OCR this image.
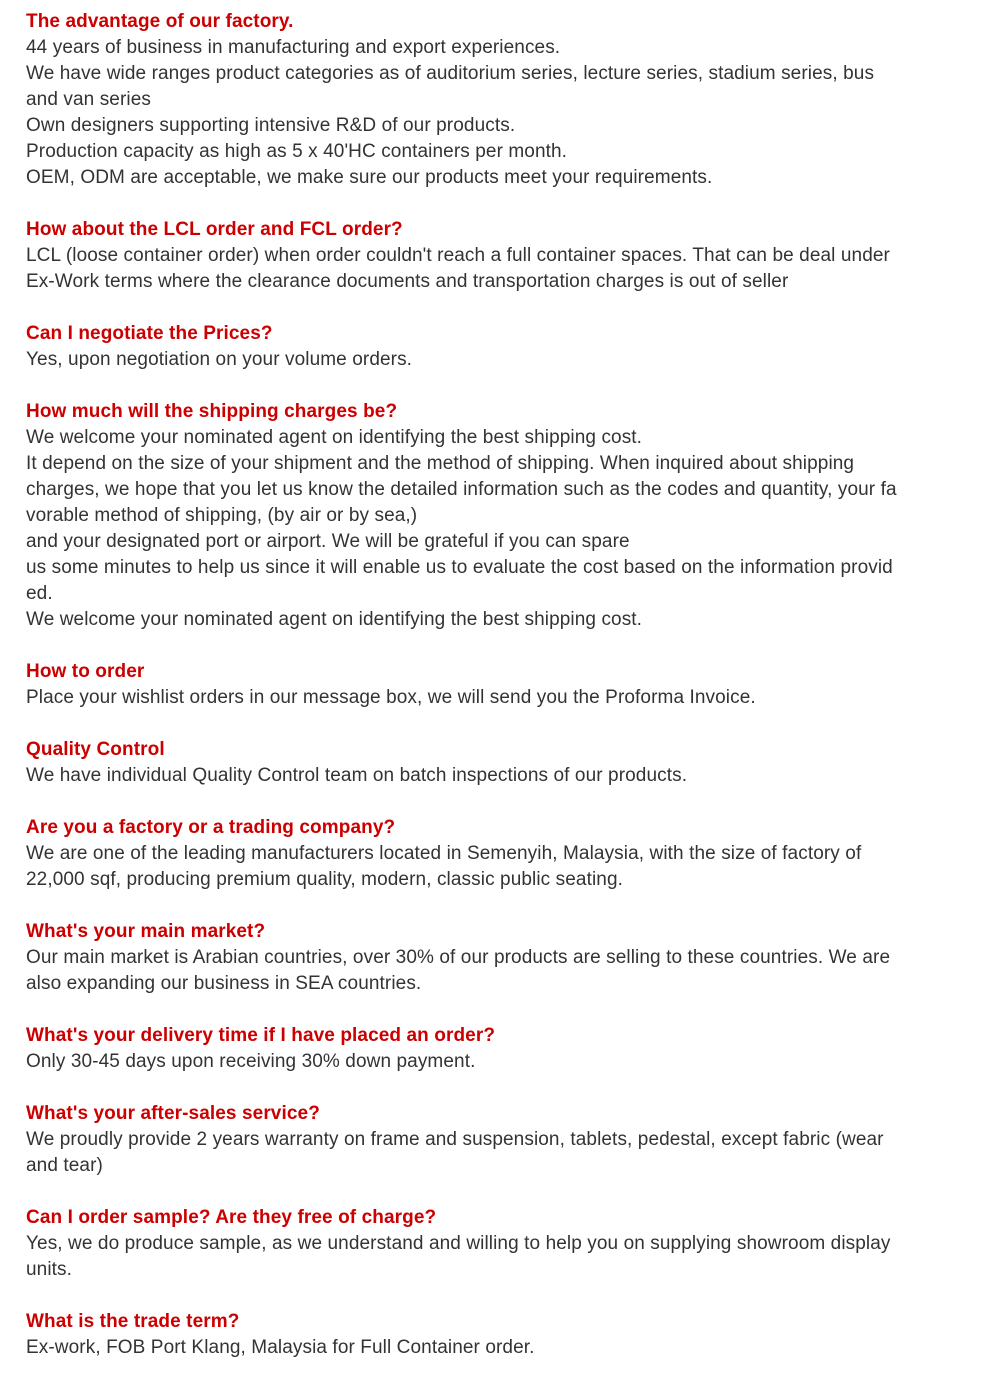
The advantage of our factory.

44 years of business in manufacturing and export experiences.

We have wide ranges product categories as of auditorium series, lecture series, stadium series, bus

and van series

Own designers supporting intensive R&D of our products.

Production capacity as high as 5 x 40'HC containers per month.

OEM, ODM are acceptable, we make sure our products meet your requirements.

How about the LCL order and FCL order?

LCL (loose container order) when order couldn't reach a full container spaces. That can be deal under

Ex-Work terms where the clearance documents and transportation charges is out of seller

Can I negotiate the Prices?

Yes, upon negotiation on your volume orders.

How much will the shipping charges be?

We welcome your nominated agent on identifying the best shipping cost.

It depend on the size of your shipment and the method of shipping. When inquired about shipping

charges, we hope that you let us know the detailed information such as the codes and quantity, your fa

vorable method of shipping, (by air or by sea,)

and your designated port or airport. We will be grateful if you can spare

us some minutes to help us since it will enable us to evaluate the cost based on the information provid

ed.

We welcome your nominated agent on identifying the best shipping cost.

How to order

Place your wishlist orders in our message box, we will send you the Proforma Invoice.

Quality Control

We have individual Quality Control team on batch inspections of our products.

Are you a factory or a trading company?

We are one of the leading manufacturers located in Semenyih, Malaysia, with the size of factory of

22,000 sqf, producing premium quality, modern, classic public seating.

What's your main market?

Our main market is Arabian countries, over 30% of our products are selling to these countries. We are

also expanding our business in SEA countries.

What's your delivery time if I have placed an order?

Only 30-45 days upon receiving 30% down payment.

What's your after-sales service?

We proudly provide 2 years warranty on frame and suspension, tablets, pedestal, except fabric (wear

and tear)

Can I order sample? Are they free of charge?

Yes, we do produce sample, as we understand and willing to help you on supplying showroom display

units.

What is the trade term?

Ex-work, FOB Port Klang, Malaysia for Full Container order.
